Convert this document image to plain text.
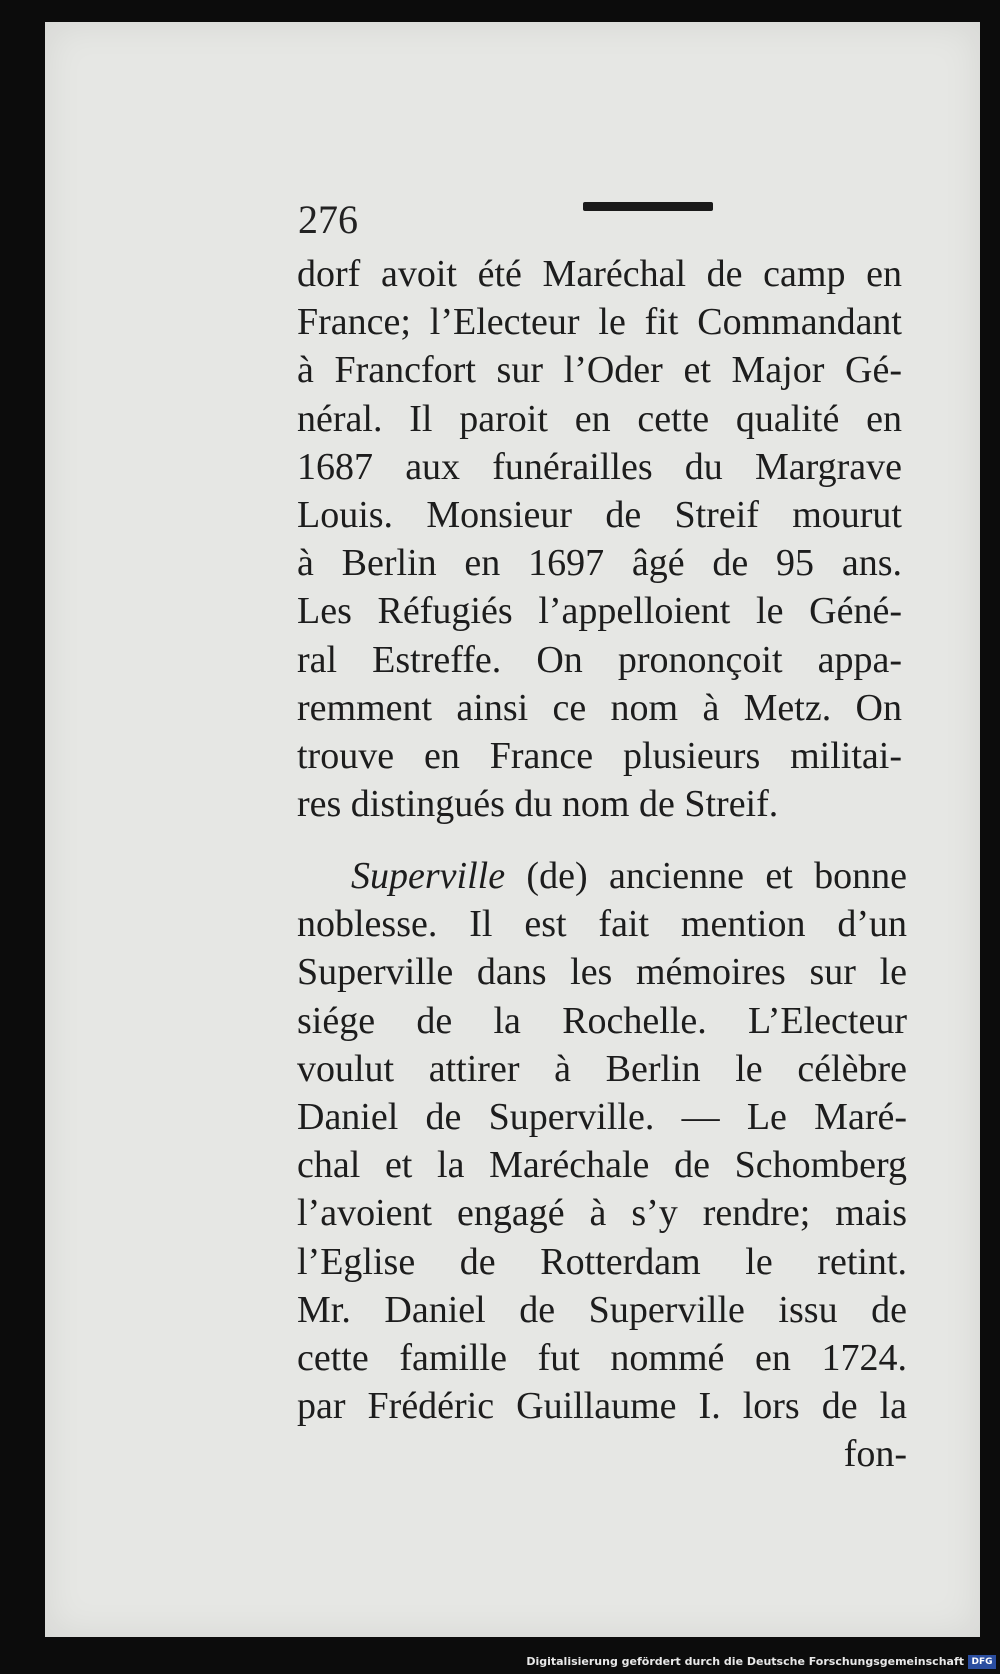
276
dorf avoit été Maréchal de camp en
France; l’Electeur le fit Commandant
à Francfort sur l’Oder et Major Gé-
néral. Il paroit en cette qualité en
1687 aux funérailles du Margrave
Louis. Monsieur de Streif mourut
à Berlin en 1697 âgé de 95 ans.
Les Réfugiés l’appelloient le Géné-
ral Estreffe. On prononçoit appa-
remment ainsi ce nom à Metz. On
trouve en France plusieurs militai-
res distingués du nom de Streif.
Superville (de) ancienne et bonne
noblesse. Il est fait mention d’un
Superville dans les mémoires sur le
siége de la Rochelle. L’Electeur
voulut attirer à Berlin le célèbre
Daniel de Superville. — Le Maré-
chal et la Maréchale de Schomberg
l’avoient engagé à s’y rendre; mais
l’Eglise de Rotterdam le retint.
Mr. Daniel de Superville issu de
cette famille fut nommé en 1724.
par Frédéric Guillaume I. lors de la
fon-
Digitalisierung gefördert durch die Deutsche Forschungsgemeinschaft DFG
